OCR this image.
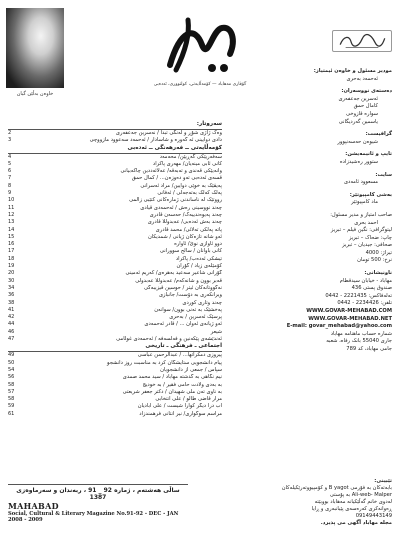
خاوەن بەڵێن گیان
گۆڤاری مەهاباد — کۆمەڵایەتی، کولتووری، ئەدەبی
مودیر مسئول و خاوەن ئیمتیاز:
ئەحمەد بەحری
دەستەی نووسەران:
ئەسرین جەعفەری
کامال حمق
سوارە قازوخی
یاسمین گەردیگانی
گرافیست:
شیوەن حەسەنپوور
تایپ و ئانیمەیشن:
ستوور رەشیدزادە
سایت:
مسعوود ئامەدی
بەشی کامپیوتێر:
ماد کامپیوتێر
صاحب امتیاز و مدیر مسئول:
احمد بحری
لیتوگرافی: نگین فیلم – تبریز
چاپ: ضحاک – تبریز
صحافی: جیدیان – تبریز
تیراژ: 4000
نرخ: 500 تومان
ناونیشانی:
مهاباد - خیابان سیدقطام
صندوق پستی 436
تەلەفاکس: 2221435 - 0442
تلفن: 2234426 - 0442
WWW.GOVAR-MEHABAD.COM
WWW.GOVAR-MEHABAD.NET
E-mail: govar_mehabad@yahoo.com
شمارە حساب ماهنامە مهاباد
جاری 55040 بانک رفاە، شعبە
جامی مهاباد، کد 789
سەروتار:
2	وەک ژاژی شۆڕ و لەنگی تبدا / نەسرین جەعفەری
3	دادی دوایینی ئە گەوره و شاسادار / ئەحمەد سەعوود مازووچی
کۆمەڵایەتی ــ فەرهەنگی ــ ئەدەبی
4	سەفەریێکی گەڕیێن/ محەمەد
5	کانی ئابی مینەیان/ مهەری پاکراد
6	وانەیێکی قەندی و تەبەقە/ عەلائەددین چاکەبیانی
7	قسەی ئەدەبی تەو دەوزەن... / کمال حمق
8	پەیڤێک بە خوێی دوایین/ مراد ئەسرانی
9	پەلک کەلک بەتەجەلی / ئەفانی
10	رووتێک لە ناساندنی ژمارەکانی کتێبی زاڵمی
11	چەند نووسینی رەش / ئەحمەدی قیادی
12	چەند پەیوەندییەک/ حەسەن قادری
13	چەند بەش ئەدەبی/ عەبدوڵلا قادری
14	پاتە پەلکی تەلائی/ محمد قادری
15	ئەو شانە تازەکان ژیانی / شمدیکان
16	دوو ئاوازی نوێ/ ئاوارە
17	کانی باوانان / ساڵح سوورانی
18	تیشکی ئەدەب/ پاکراد
19	کۆمێڵەی زیاد / گۆران
20	گۆرانی شاعیر سەعید بەهرەی/ کەریم ئەمینی
30	قەبر بوون و شانەکەم/ عەبدوڵلا عەبدولی
34	نەگووتانەکان ئیتر / حوسین قیزیبەگی
36	ویرانکەری بە دۆست/ جانبازی
38	چەند وتاری کوردی
41	پەخشێک بە تەنی بوون/ سوانەن
42	پرسێک ئەسرین / بەحری
44	ئەو ژیانەی ئەوان ... / قادر ئەحمەدی
46	شیعر
47	ئەندێشەی پێکەنین و فەلسەفە / ئەحمەدی غوڵامی
اجتماعی ـ فرهنگی ـ تاریخی
49	پیروزی دمکراتها... / عبدالرحمن عباسی
50	پیام دانشجویی ستایشگان کرد به مناسبت روز دانشجو
54	سپاس / جمعی از دانشجویان
56	نیم نگاهی به گذشته مهاباد / سید محمد صمدی
58	بە بەدی ولادت حامی فقیر / بە خودیج
57	بە ناوی تەن ملی شهیدان / دکتر جعفر شریعتی
58	مرار قاضی طالو / علی انتخابی
59	آب درا دیگر کوارا شیست / علی آبادیان
61	مراسم سوگواری/ نیر انتانی فرهمندزاد
ساڵی هەشتەم ، ژمارە 92 _ 91 ، ربەندان و سەرماوەزی 1387
MAHABAD
Social, Cultural & Literary Magazine No.91-92 - DEC - JAN 2008 - 2009
تێبینی:
بابەتەکان بە فۆرمی B yagot و کۆمپیووتەرێکیلەکان
Ali-web- Malper بە پۆستی
لەدوی خانم گەڵێکیانە مەهاباد بووبێتە
ڕەوانەکری کەرەسەی پێیانبەری و ڕایا
09149443149
مجلە مهاباد آگهی می پذیرد.
